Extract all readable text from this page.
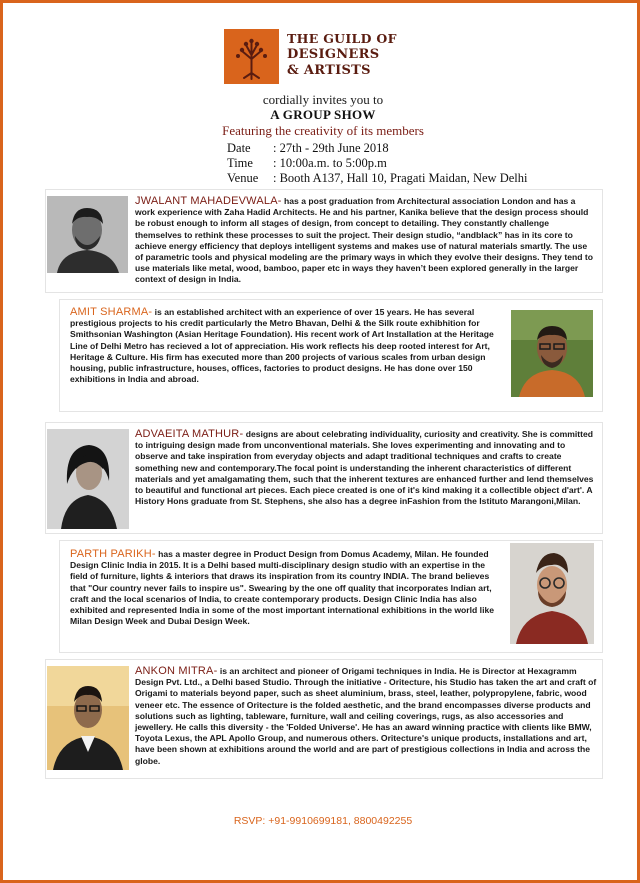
THE GUILD OF
DESIGNERS
& ARTISTS
cordially invites you to
A GROUP SHOW
Featuring the creativity of its members
Date : 27th - 29th June 2018
Time : 10:00a.m. to 5:00p.m
Venue : Booth A137, Hall 10, Pragati Maidan, New Delhi
JWALANT MAHADEVWALA- has a post graduation from Architectural association London and has a work experience with Zaha Hadid Architects. He and his partner, Kanika believe that the design process should be robust enough to inform all stages of design, from concept to detailing. They constantly challenge themselves to rethink these processes to suit the project. Their design studio, “andblack” has in its core to achieve energy efficiency that deploys intelligent systems and makes use of natural materials smartly. The use of parametric tools and physical modeling are the primary ways in which they evolve their designs. They tend to use materials like metal, wood, bamboo, paper etc in ways they haven’t been explored generally in the larger context of design in India.
AMIT SHARMA- is an established architect with an experience of over 15 years. He has several prestigious projects to his credit particularly the Metro Bhavan, Delhi & the Silk route exhibhition for Smithsonian Washington (Asian Heritage Foundation). His recent work of Art Installation at the Heritage Line of Delhi Metro has recieved a lot of appreciation. His work reflects his deep rooted interest for Art, Heritage & Culture. His firm has executed more than 200 projects of various scales from urban design housing, public infrastructure, houses, offices, factories to product designs. He has done over 150 exhibitions in India and abroad.
ADVAEITA MATHUR- designs are about celebrating individuality, curiosity and creativity. She is committed to intriguing design made from unconventional materials. She loves experimenting and innovating and to observe and take inspiration from everyday objects and adapt traditional techniques and crafts to create something new and contemporary.The focal point is understanding the inherent characteristics of different materials and yet amalgamating them, such that the inherent textures are enhanced further and lend themselves to beautiful and functional art pieces. Each piece created is one of it's kind making it a collectible object d'art'. A History Hons graduate from St. Stephens, she also has a degree inFashion from the Istituto Marangoni,Milan.
PARTH PARIKH- has a master degree in Product Design from Domus Academy, Milan. He founded Design Clinic India in 2015. It is a Delhi based multi-disciplinary design studio with an expertise in the field of furniture, lights & interiors that draws its inspiration from its country INDIA. The brand believes that "Our country never fails to inspire us". Swearing by the one off quality that incorporates Indian art, craft and the local scenarios of India, to create contemporary products. Design Clinic India has also exhibited and represented India in some of the most important international exhibitions in the world like Milan Design Week and Dubai Design Week.
ANKON MITRA- is an architect and pioneer of Origami techniques in India. He is Director at Hexagramm Design Pvt. Ltd., a Delhi based Studio. Through the initiative - Oritecture, his Studio has taken the art and craft of Origami to materials beyond paper, such as sheet aluminium, brass, steel, leather, polypropylene, fabric, wood veneer etc. The essence of Oritecture is the folded aesthetic, and the brand encompasses diverse products and solutions such as lighting, tableware, furniture, wall and ceiling coverings, rugs, as also accessories and jewellery. He calls this diversity - the 'Folded Universe'. He has an award winning practice with clients like BMW, Toyota Lexus, the APL Apollo Group, and numerous others. Oritecture's unique products, installations and art, have been shown at exhibitions around the world and are part of prestigious collections in India and across the globe.
RSVP: +91-9910699181, 8800492255
